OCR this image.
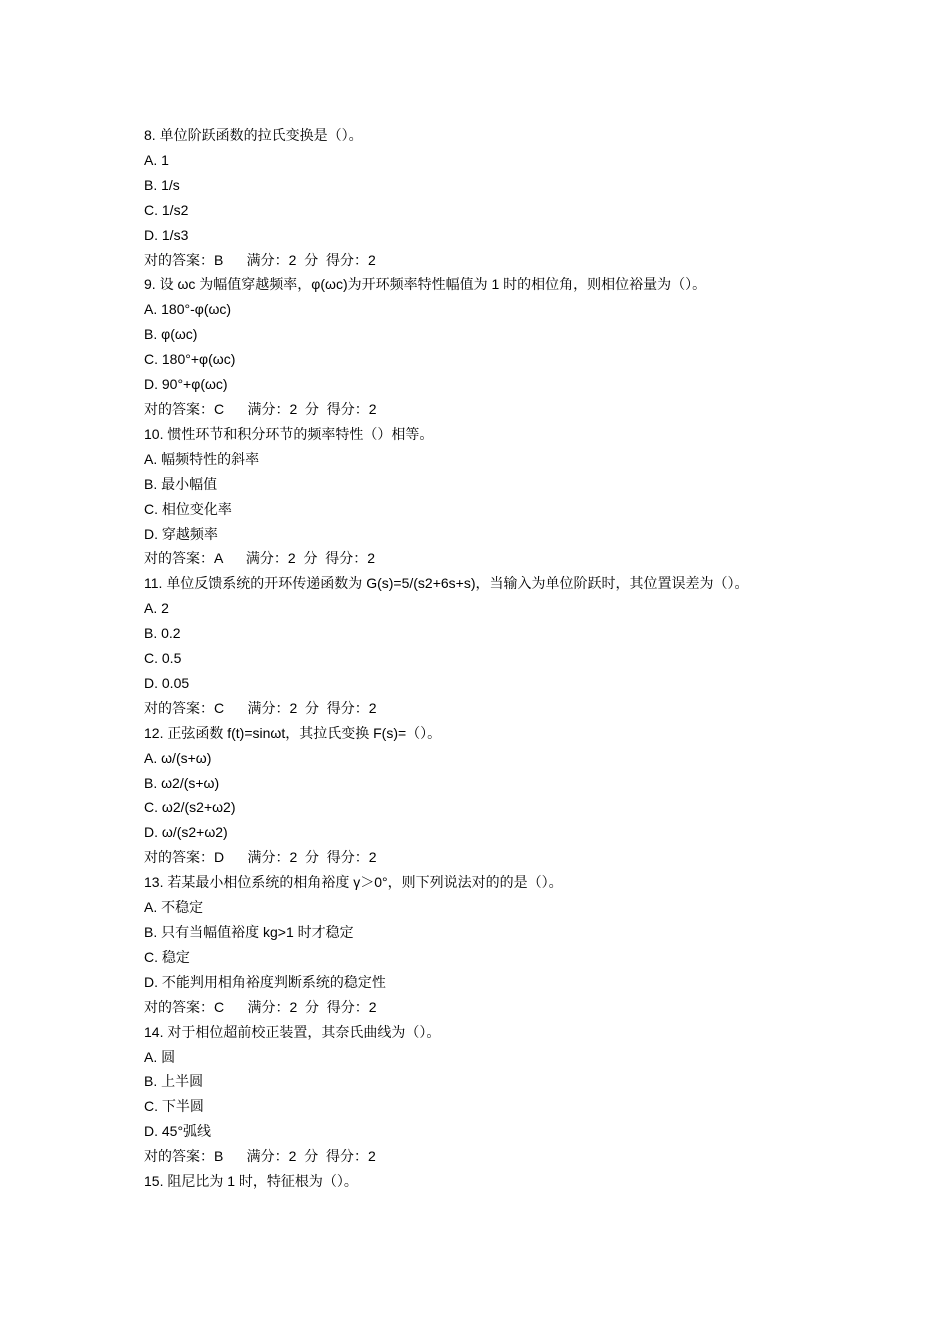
8. 单位阶跃函数的拉氏变换是（）。
A. 1
B. 1/s
C. 1/s2
D. 1/s3
对的答案：B      满分：2  分  得分：2
9. 设 ωc 为幅值穿越频率，φ(ωc)为开环频率特性幅值为 1 时的相位角，则相位裕量为（）。
A. 180°-φ(ωc)
B. φ(ωc)
C. 180°+φ(ωc)
D. 90°+φ(ωc)
对的答案：C      满分：2  分  得分：2
10. 惯性环节和积分环节的频率特性（）相等。
A. 幅频特性的斜率
B. 最小幅值
C. 相位变化率
D. 穿越频率
对的答案：A      满分：2  分  得分：2
11. 单位反馈系统的开环传递函数为 G(s)=5/(s2+6s+s)，当输入为单位阶跃时，其位置误差为（）。
A. 2
B. 0.2
C. 0.5
D. 0.05
对的答案：C      满分：2  分  得分：2
12. 正弦函数 f(t)=sinωt，其拉氏变换 F(s)=（）。
A. ω/(s+ω)
B. ω2/(s+ω)
C. ω2/(s2+ω2)
D. ω/(s2+ω2)
对的答案：D      满分：2  分  得分：2
13. 若某最小相位系统的相角裕度 γ＞0°，则下列说法对的的是（）。
A. 不稳定
B. 只有当幅值裕度 kg>1 时才稳定
C. 稳定
D. 不能判用相角裕度判断系统的稳定性
对的答案：C      满分：2  分  得分：2
14. 对于相位超前校正装置，其奈氏曲线为（）。
A. 圆
B. 上半圆
C. 下半圆
D. 45°弧线
对的答案：B      满分：2  分  得分：2
15. 阻尼比为 1 时，特征根为（）。
